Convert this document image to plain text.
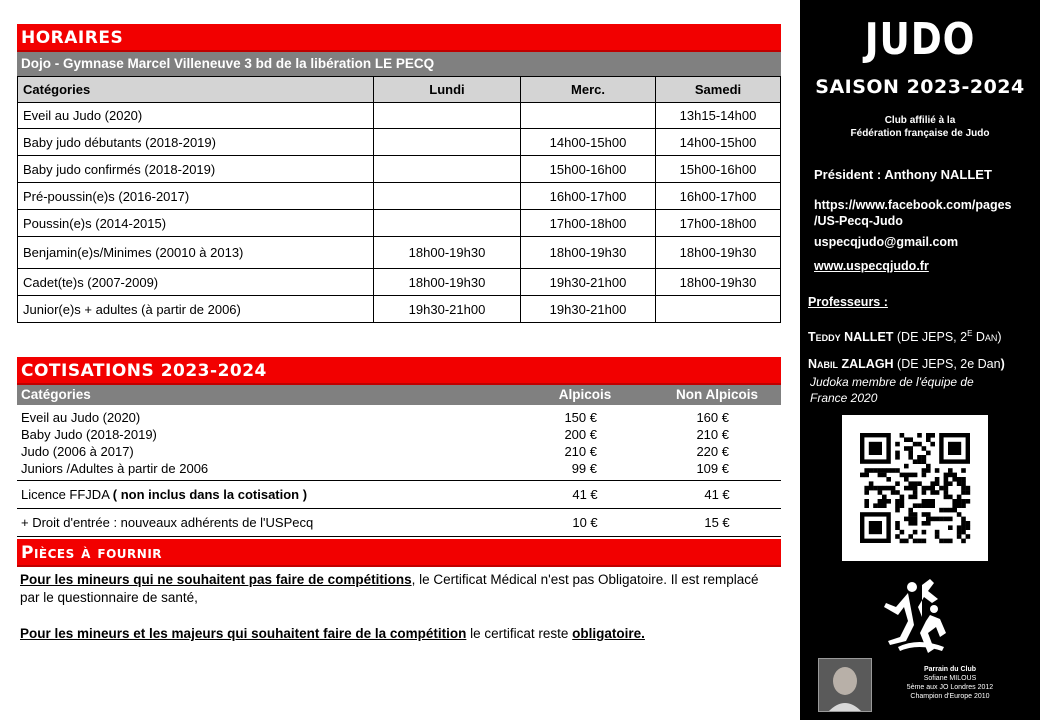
HORAIRES
Dojo - Gymnase Marcel Villeneuve 3 bd de la libération LE PECQ
Catégories	Lundi	Merc.	Samedi
Eveil au Judo (2020)			13h15-14h00
Baby judo débutants (2018-2019)		14h00-15h00	14h00-15h00
Baby judo confirmés (2018-2019)		15h00-16h00	15h00-16h00
Pré-poussin(e)s (2016-2017)		16h00-17h00	16h00-17h00
Poussin(e)s (2014-2015)		17h00-18h00	17h00-18h00
Benjamin(e)s/Minimes (20010 à 2013)	18h00-19h30	18h00-19h30	18h00-19h30
Cadet(te)s (2007-2009)	18h00-19h30	19h30-21h00	18h00-19h30
Junior(e)s + adultes (à partir de 2006)	19h30-21h00	19h30-21h00	
COTISATIONS 2023-2024
Catégories	Alpicois	Non Alpicois
Eveil au Judo (2020)	150 €	160 €
Baby Judo (2018-2019)	200 €	210 €
Judo (2006 à 2017)	210 €	220 €
Juniors /Adultes à partir de 2006	99 €	109 €
Licence FFJDA ( non inclus dans la cotisation )	41 €	41 €
+ Droit d'entrée : nouveaux adhérents de l'USPecq	10 €	15 €
Pièces à fournir

Pour les mineurs qui ne souhaitent pas faire de compétitions, le Certificat Médical n'est pas Obligatoire. Il est remplacé par le questionnaire de santé,

Pour les mineurs et les majeurs qui souhaitent faire de la compétition le certificat reste obligatoire.

JUDO
SAISON 2023-2024
Club affilié à la
Fédération française de Judo
Président : Anthony NALLET
https://www.facebook.com/pages
/US-Pecq-Judo
uspecqjudo@gmail.com
www.uspecqjudo.fr
Professeurs :
Teddy NALLET (DE JEPS, $2^E$ Dan)
Nabil ZALAGH (DE JEPS, 2e Dan)
Judoka membre de l'équipe de
France 2020
Parrain du Club
Sofiane MILOUS
5ème aux JO Londres 2012
Champion d'Europe 2010
